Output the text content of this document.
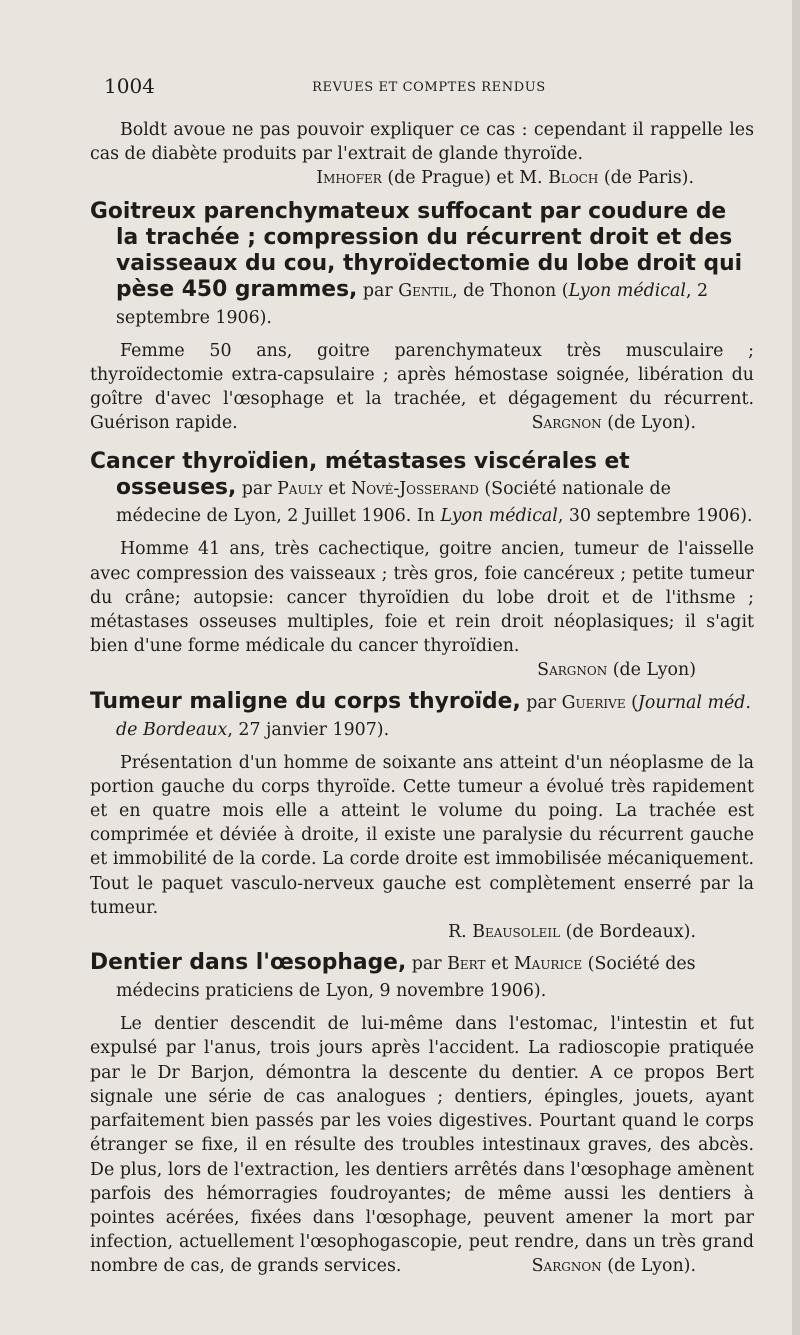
1004	REVUES ET COMPTES RENDUS

Boldt avoue ne pas pouvoir expliquer ce cas : cependant il rappelle les cas de diabète produits par l'extrait de glande thyroïde.

Imhofer (de Prague) et M. Bloch (de Paris).

Goitreux parenchymateux suffocant par coudure de la trachée ; compression du récurrent droit et des vaisseaux du cou, thyroïdectomie du lobe droit qui pèse 450 grammes, par Gentil, de Thonon (Lyon médical, 2 septembre 1906).

Femme 50 ans, goitre parenchymateux très musculaire ; thyroïdectomie extra-capsulaire ; après hémostase soignée, libération du goître d'avec l'œsophage et la trachée, et dégagement du récurrent. Guérison rapide.	Sargnon (de Lyon).

Cancer thyroïdien, métastases viscérales et osseuses, par Pauly et Nové-Josserand (Société nationale de médecine de Lyon, 2 Juillet 1906. In Lyon médical, 30 septembre 1906).

Homme 41 ans, très cachectique, goitre ancien, tumeur de l'aisselle avec compression des vaisseaux ; très gros, foie cancéreux ; petite tumeur du crâne; autopsie: cancer thyroïdien du lobe droit et de l'ithsme ; métastases osseuses multiples, foie et rein droit néoplasiques; il s'agit bien d'une forme médicale du cancer thyroïdien.

Sargnon (de Lyon)

Tumeur maligne du corps thyroïde, par Guerive (Journal méd. de Bordeaux, 27 janvier 1907).

Présentation d'un homme de soixante ans atteint d'un néoplasme de la portion gauche du corps thyroïde. Cette tumeur a évolué très rapidement et en quatre mois elle a atteint le volume du poing. La trachée est comprimée et déviée à droite, il existe une paralysie du récurrent gauche et immobilité de la corde. La corde droite est immobilisée mécaniquement. Tout le paquet vasculo-nerveux gauche est complètement enserré par la tumeur.

R. Beausoleil (de Bordeaux).

Dentier dans l'œsophage, par Bert et Maurice (Société des médecins praticiens de Lyon, 9 novembre 1906).

Le dentier descendit de lui-même dans l'estomac, l'intestin et fut expulsé par l'anus, trois jours après l'accident. La radioscopie pratiquée par le Dr Barjon, démontra la descente du dentier. A ce propos Bert signale une série de cas analogues ; dentiers, épingles, jouets, ayant parfaitement bien passés par les voies digestives. Pourtant quand le corps étranger se fixe, il en résulte des troubles intestinaux graves, des abcès. De plus, lors de l'extraction, les dentiers arrêtés dans l'œsophage amènent parfois des hémorragies foudroyantes; de même aussi les dentiers à pointes acérées, fixées dans l'œsophage, peuvent amener la mort par infection, actuellement l'œsophogascopie, peut rendre, dans un très grand nombre de cas, de grands services.	Sargnon (de Lyon).
